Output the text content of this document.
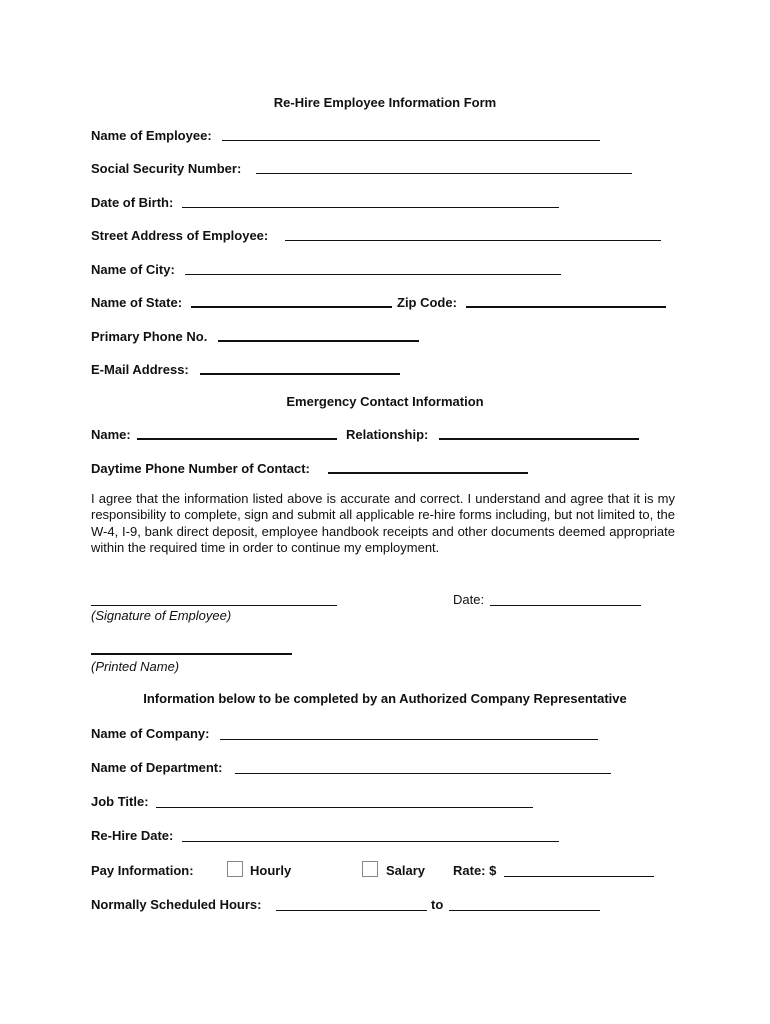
Re-Hire Employee Information Form
Name of Employee:
Social Security Number:
Date of Birth:
Street Address of Employee:
Name of City:
Name of State:	Zip Code:
Primary Phone No.
E-Mail Address:
Emergency Contact Information
Name:	Relationship:
Daytime Phone Number of Contact:
I agree that the information listed above is accurate and correct. I understand and agree that it is my responsibility to complete, sign and submit all applicable re-hire forms including, but not limited to, the W-4, I-9, bank direct deposit, employee handbook receipts and other documents deemed appropriate within the required time in order to continue my employment.
Date:
(Signature of Employee)
(Printed Name)
Information below to be completed by an Authorized Company Representative
Name of Company:
Name of Department:
Job Title:
Re-Hire Date:
Pay Information:	Hourly	Salary Rate: $
Normally Scheduled Hours:	to
